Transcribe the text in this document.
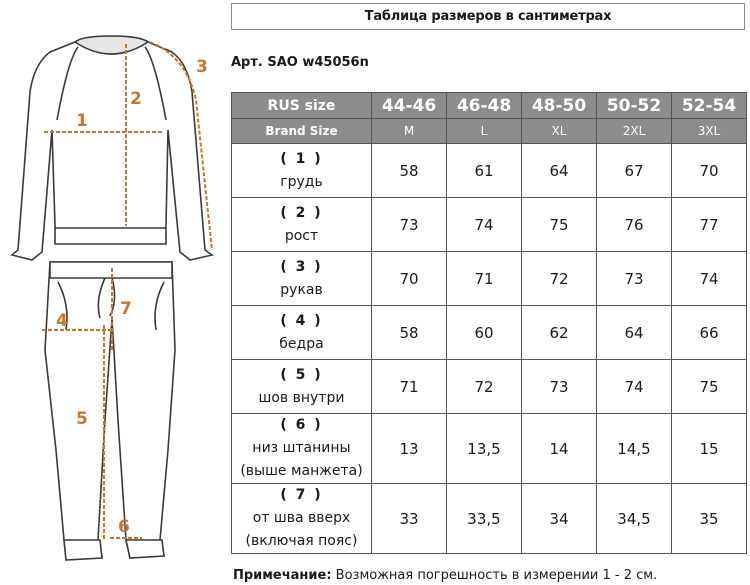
1
2
3
4
5
6
7
Таблица размеров в сантиметрах
Арт. SAO w45056n
RUS size	44-46	46-48	48-50	50-52	52-54
Brand Size	M	L	XL	2XL	3XL

( 1 )
грудь	58	61	64	67	70

( 2 )
рост	73	74	75	76	77

( 3 )
рукав	70	71	72	73	74

( 4 )
бедра	58	60	62	64	66

( 5 )
шов внутри	71	72	73	74	75

( 6 )
низ штанины
(выше манжета)	13	13,5	14	14,5	15

( 7 )
от шва вверх
(включая пояс)	33	33,5	34	34,5	35
Примечание: Возможная погрешность в измерении 1 - 2 см.
